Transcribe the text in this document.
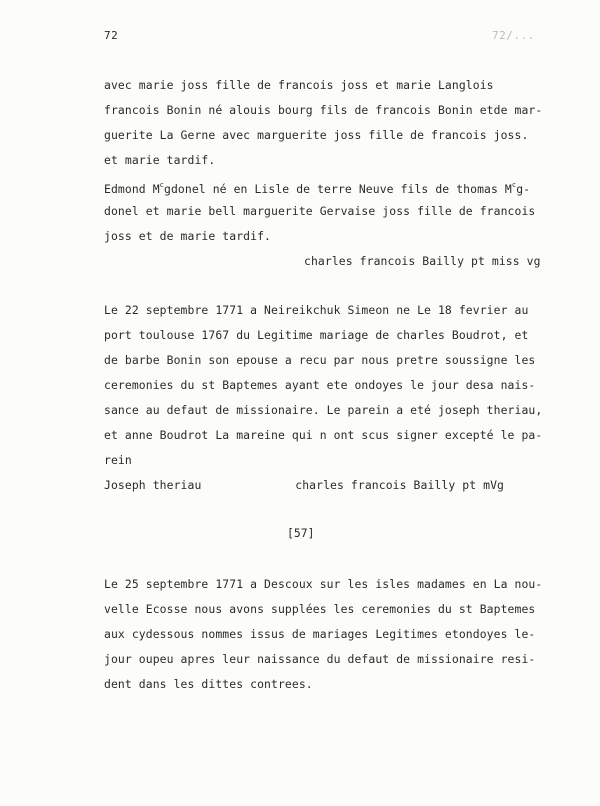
72	72/...
avec marie joss fille de francois joss et marie Langlois
francois Bonin né alouis bourg fils de francois Bonin etde mar-
guerite La Gerne avec marguerite joss fille de francois joss.
et marie tardif.
Edmond $M^cgdonel$ né en Lisle de terre Neuve fils de thomas $M^cg-$
donel et marie bell marguerite Gervaise joss fille de francois
joss et de marie tardif.
charles francois Bailly pt miss vg
Le 22 septembre 1771 a Neireikchuk Simeon ne Le 18 fevrier au
port toulouse 1767 du Legitime mariage de charles Boudrot, et
de barbe Bonin son epouse a recu par nous pretre soussigne les
ceremonies du st Baptemes ayant ete ondoyes le jour desa nais-
sance au defaut de missionaire. Le parein a eté joseph theriau,
et anne Boudrot La mareine qui n ont scus signer excepté le pa-
rein
Joseph theriau	charles francois Bailly pt mVg
[57]
Le 25 septembre 1771 a Descoux sur les isles madames en La nou-
velle Ecosse nous avons supplées les ceremonies du st Baptemes
aux cydessous nommes issus de mariages Legitimes etondoyes le-
jour oupeu apres leur naissance du defaut de missionaire resi-
dent dans les dittes contrees.
